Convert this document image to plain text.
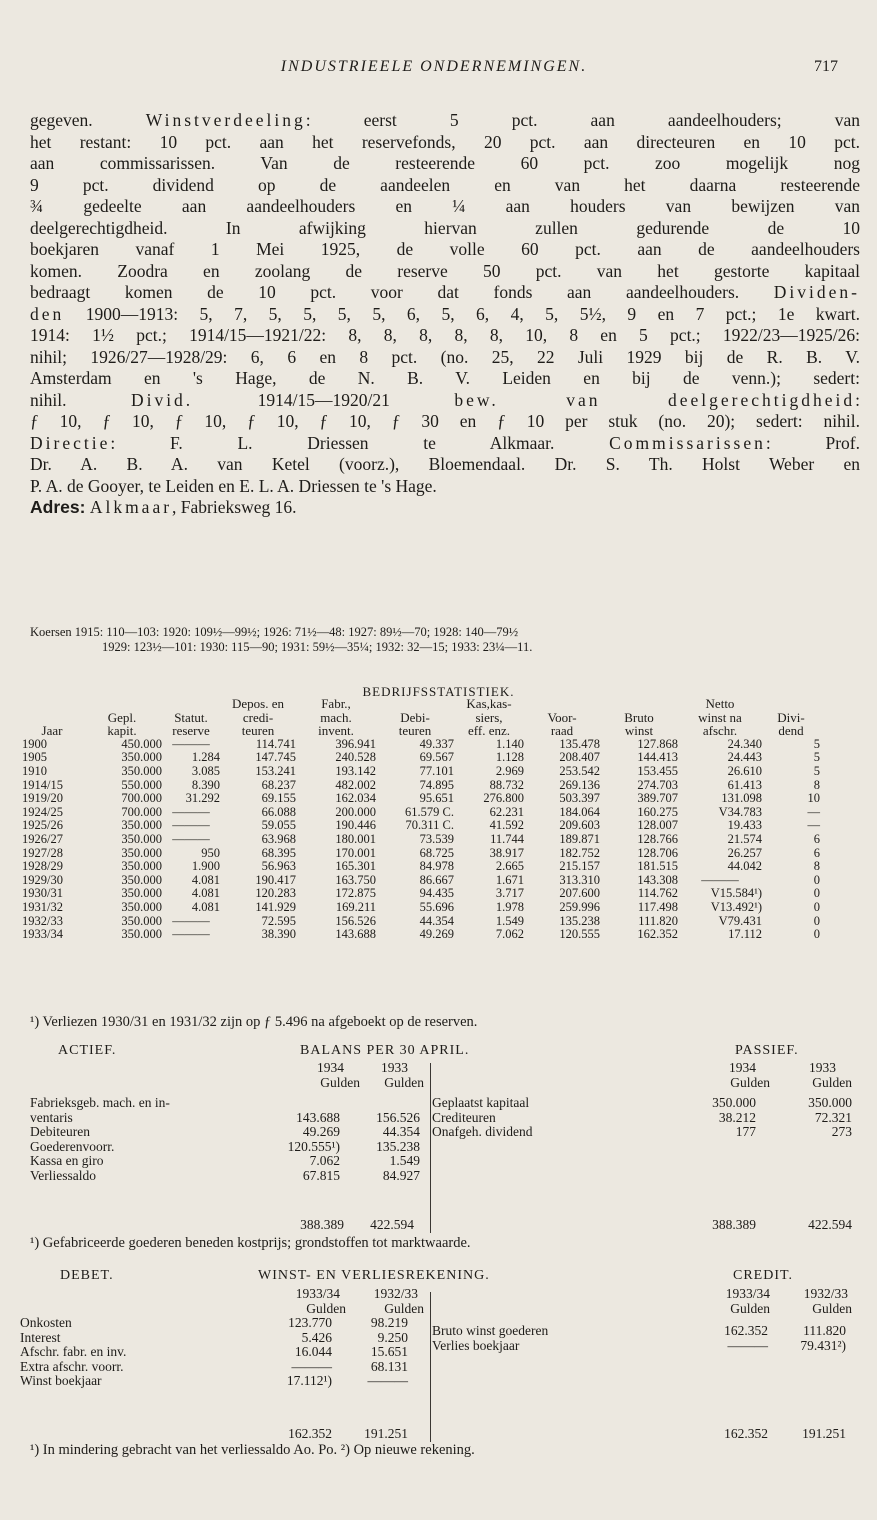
INDUSTRIEELE ONDERNEMINGEN.	717

gegeven. Winstverdeeling: eerst 5 pct. aan aandeelhouders; van
het restant: 10 pct. aan het reservefonds, 20 pct. aan directeuren en 10 pct.
aan commissarissen. Van de resteerende 60 pct. zoo mogelijk nog
9 pct. dividend op de aandeelen en van het daarna resteerende
¾ gedeelte aan aandeelhouders en ¼ aan houders van bewijzen van
deelgerechtigdheid. In afwijking hiervan zullen gedurende de 10
boekjaren vanaf 1 Mei 1925, de volle 60 pct. aan de aandeelhouders
komen. Zoodra en zoolang de reserve 50 pct. van het gestorte kapitaal
bedraagt komen de 10 pct. voor dat fonds aan aandeelhouders. Dividen-
den 1900—1913: 5, 7, 5, 5, 5, 5, 6, 5, 6, 4, 5, 5½, 9 en 7 pct.; 1e kwart.
1914: 1½ pct.; 1914/15—1921/22: 8, 8, 8, 8, 8, 10, 8 en 5 pct.; 1922/23—1925/26:
nihil; 1926/27—1928/29: 6, 6 en 8 pct. (no. 25, 22 Juli 1929 bij de R. B. V.
Amsterdam en 's Hage, de N. B. V. Leiden en bij de venn.); sedert:
nihil. Divid. 1914/15—1920/21 bew. van deelgerechtigdheid:
ƒ 10, ƒ 10, ƒ 10, ƒ 10, ƒ 10, ƒ 30 en ƒ 10 per stuk (no. 20); sedert: nihil.
Directie: F. L. Driessen te Alkmaar. Commissarissen: Prof.
Dr. A. B. A. van Ketel (voorz.), Bloemendaal. Dr. S. Th. Holst Weber en
P. A. de Gooyer, te Leiden en E. L. A. Driessen te 's Hage.
Adres: Alkmaar, Fabrieksweg 16.

Koersen 1915: 110—103: 1920: 109½—99½; 1926: 71½—48: 1927: 89½—70; 1928: 140—79½
1929: 123½—101: 1930: 115—90; 1931: 59½—35¼; 1932: 32—15; 1933: 23¼—11.
BEDRIJFSSTATISTIEK.
			Depos. en	Fabr.,		Kas,kas-			Netto	
	Gepl.	Statut.	credi-	mach.	Debi-	siers,	Voor-	Bruto	winst na	Divi-
Jaar	kapit.	reserve	teuren	invent.	teuren	eff. enz.	raad	winst	afschr.	dend
1900	450.000	———	114.741	396.941	49.337	1.140	135.478	127.868	24.340	5
1905	350.000	1.284	147.745	240.528	69.567	1.128	208.407	144.413	24.443	5
1910	350.000	3.085	153.241	193.142	77.101	2.969	253.542	153.455	26.610	5
1914/15	550.000	8.390	68.237	482.002	74.895	88.732	269.136	274.703	61.413	8
1919/20	700.000	31.292	69.155	162.034	95.651	276.800	503.397	389.707	131.098	10
1924/25	700.000	———	66.088	200.000	61.579 C.	62.231	184.064	160.275	V34.783	—
1925/26	350.000	———	59.055	190.446	70.311 C.	41.592	209.603	128.007	19.433	—
1926/27	350.000	———	63.968	180.001	73.539	11.744	189.871	128.766	21.574	6
1927/28	350.000	950	68.395	170.001	68.725	38.917	182.752	128.706	26.257	6
1928/29	350.000	1.900	56.963	165.301	84.978	2.665	215.157	181.515	44.042	8
1929/30	350.000	4.081	190.417	163.750	86.667	1.671	313.310	143.308	———	0
1930/31	350.000	4.081	120.283	172.875	94.435	3.717	207.600	114.762	V15.584¹)	0
1931/32	350.000	4.081	141.929	169.211	55.696	1.978	259.996	117.498	V13.492¹)	0
1932/33	350.000	———	72.595	156.526	44.354	1.549	135.238	111.820	V79.431	0
1933/34	350.000	———	38.390	143.688	49.269	7.062	120.555	162.352	17.112	0
¹) Verliezen 1930/31 en 1931/32 zijn op ƒ 5.496 na afgeboekt op de reserven.
ACTIEF.	BALANS PER 30 APRIL.	PASSIEF.
1934	1933
Gulden Gulden
1934	1933
Gulden	Gulden
Fabrieksgeb. mach. en in-
ventaris	143.688	156.526
Debiteuren	49.269	44.354
Goederenvoorr.	120.555¹)	135.238
Kassa en giro	7.062	1.549
Verliessaldo	67.815	84.927
Geplaatst kapitaal	350.000	350.000
Crediteuren	38.212	72.321
Onafgeh. dividend	177	273
388.389 422.594	388.389	422.594
¹) Gefabriceerde goederen beneden kostprijs; grondstoffen tot marktwaarde.
DEBET.	WINST- EN VERLIESREKENING.	CREDIT.
1933/34 1932/33
Gulden	Gulden
1933/34 1932/33
Gulden	Gulden
Onkosten	123.770	98.219
Interest	5.426	9.250
Afschr. fabr. en inv.	16.044	15.651
Extra afschr. voorr.	———	68.131
Winst boekjaar	17.112¹)	———
Bruto winst goederen	162.352	111.820
Verlies boekjaar	——— 79.431²)
162.352 191.251	162.352	191.251
¹) In mindering gebracht van het verliessaldo Ao. Po. ²) Op nieuwe rekening.
